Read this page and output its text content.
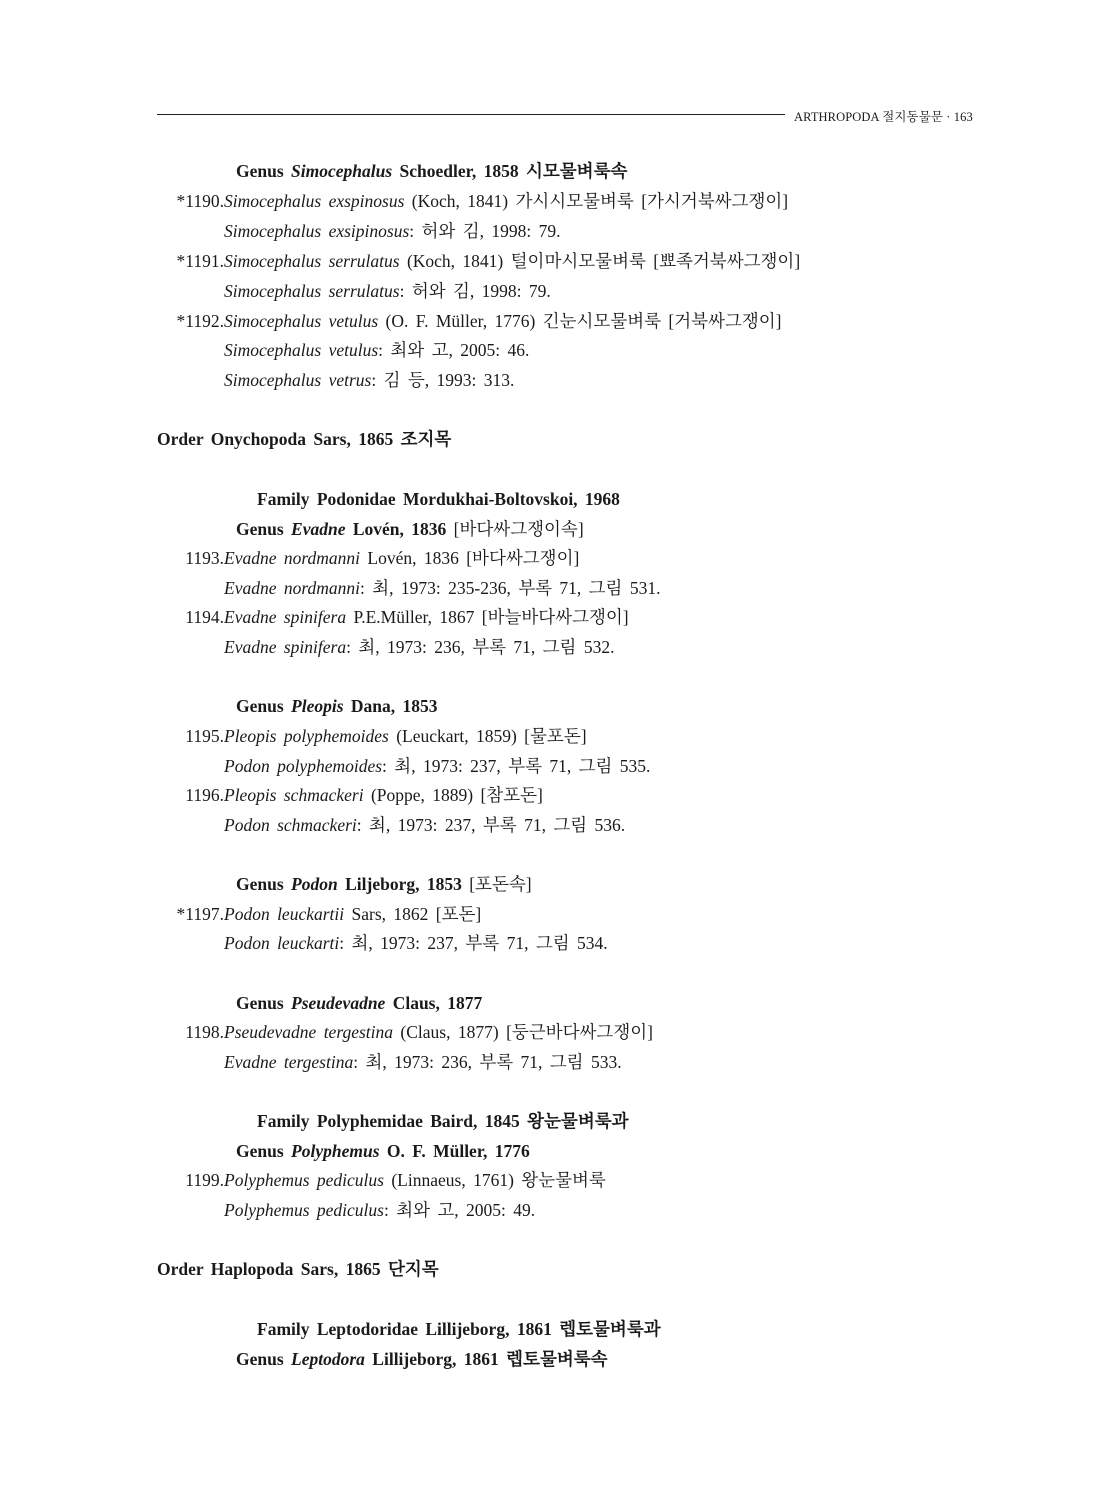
ARTHROPODA 절지동물문 · 163
Genus Simocephalus Schoedler, 1858 시모물벼룩속
*1190. Simocephalus exspinosus (Koch, 1841) 가시시모물벼룩 [가시거북싸그쟁이]
Simocephalus exsipinosus: 허와 김, 1998: 79.
*1191. Simocephalus serrulatus (Koch, 1841) 털이마시모물벼룩 [뾰족거북싸그쟁이]
Simocephalus serrulatus: 허와 김, 1998: 79.
*1192. Simocephalus vetulus (O. F. Müller, 1776) 긴눈시모물벼룩 [거북싸그쟁이]
Simocephalus vetulus: 최와 고, 2005: 46.
Simocephalus vetrus: 김 등, 1993: 313.
Order Onychopoda Sars, 1865 조지목
Family Podonidae Mordukhai-Boltovskoi, 1968
Genus Evadne Lovén, 1836 [바다싸그쟁이속]
1193. Evadne nordmanni Lovén, 1836 [바다싸그쟁이]
Evadne nordmanni: 최, 1973: 235-236, 부록 71, 그림 531.
1194. Evadne spinifera P.E.Müller, 1867 [바늘바다싸그쟁이]
Evadne spinifera: 최, 1973: 236, 부록 71, 그림 532.
Genus Pleopis Dana, 1853
1195. Pleopis polyphemoides (Leuckart, 1859) [물포돈]
Podon polyphemoides: 최, 1973: 237, 부록 71, 그림 535.
1196. Pleopis schmackeri (Poppe, 1889) [참포돈]
Podon schmackeri: 최, 1973: 237, 부록 71, 그림 536.
Genus Podon Liljeborg, 1853 [포돈속]
*1197. Podon leuckartii Sars, 1862 [포돈]
Podon leuckarti: 최, 1973: 237, 부록 71, 그림 534.
Genus Pseudevadne Claus, 1877
1198. Pseudevadne tergestina (Claus, 1877) [둥근바다싸그쟁이]
Evadne tergestina: 최, 1973: 236, 부록 71, 그림 533.
Family Polyphemidae Baird, 1845 왕눈물벼룩과
Genus Polyphemus O. F. Müller, 1776
1199. Polyphemus pediculus (Linnaeus, 1761) 왕눈물벼룩
Polyphemus pediculus: 최와 고, 2005: 49.
Order Haplopoda Sars, 1865 단지목
Family Leptodoridae Lillijeborg, 1861 렙토물벼룩과
Genus Leptodora Lillijeborg, 1861 렙토물벼룩속
